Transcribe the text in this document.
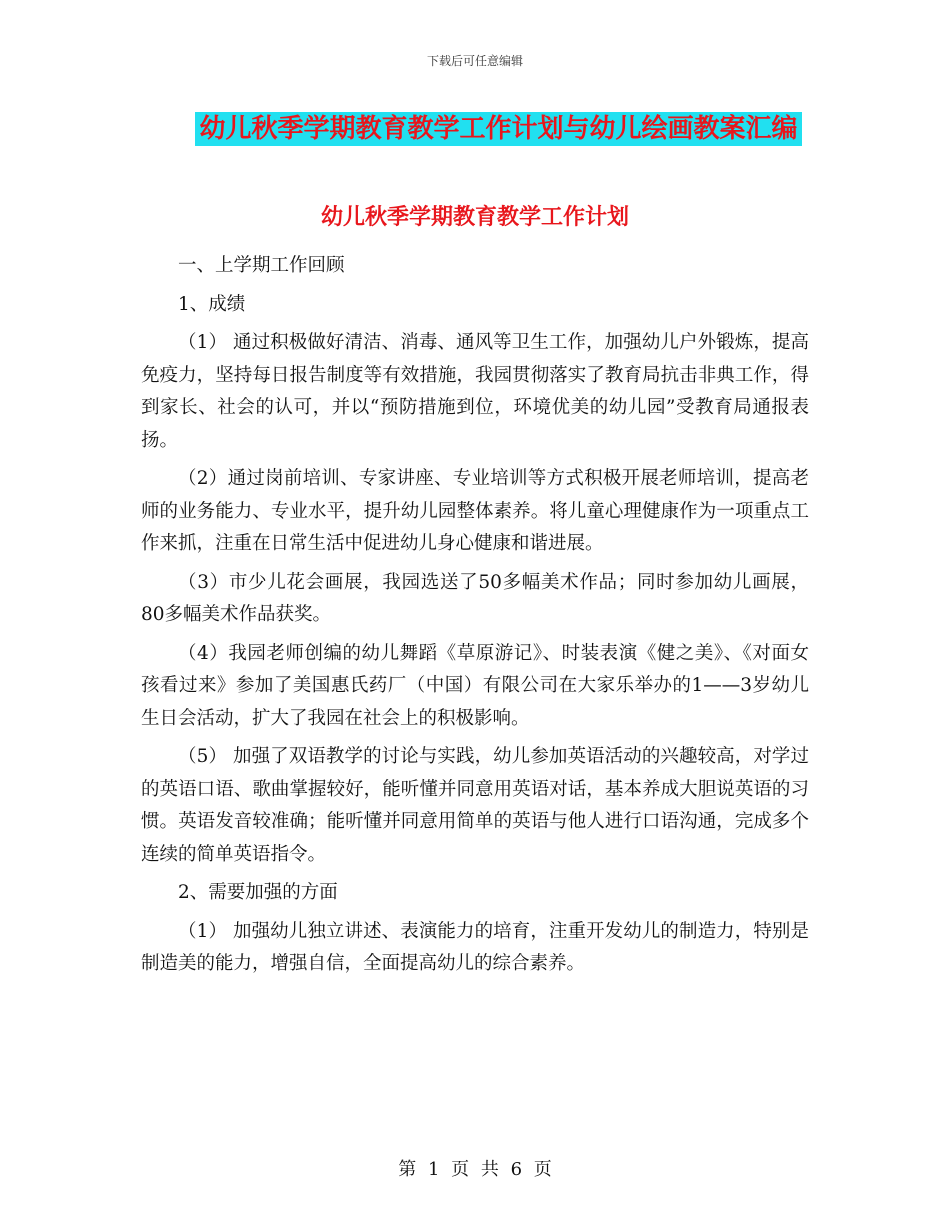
下载后可任意编辑
幼儿秋季学期教育教学工作计划与幼儿绘画教案汇编
幼儿秋季学期教育教学工作计划

一、上学期工作回顾

1、成绩

（1） 通过积极做好清洁、消毒、通风等卫生工作，加强幼儿户外锻炼，提高免疫力，坚持每日报告制度等有效措施，我园贯彻落实了教育局抗击非典工作，得到家长、社会的认可，并以“预防措施到位，环境优美的幼儿园”受教育局通报表扬。

（2）通过岗前培训、专家讲座、专业培训等方式积极开展老师培训，提高老师的业务能力、专业水平，提升幼儿园整体素养。将儿童心理健康作为一项重点工作来抓，注重在日常生活中促进幼儿身心健康和谐进展。

（3）市少儿花会画展，我园选送了50多幅美术作品；同时参加幼儿画展，80多幅美术作品获奖。

（4）我园老师创编的幼儿舞蹈《草原游记》、时装表演《健之美》、《对面女孩看过来》参加了美国惠氏药厂（中国）有限公司在大家乐举办的1——3岁幼儿生日会活动，扩大了我园在社会上的积极影响。

（5） 加强了双语教学的讨论与实践，幼儿参加英语活动的兴趣较高，对学过的英语口语、歌曲掌握较好，能听懂并同意用英语对话，基本养成大胆说英语的习惯。英语发音较准确；能听懂并同意用简单的英语与他人进行口语沟通，完成多个连续的简单英语指令。

2、需要加强的方面

（1） 加强幼儿独立讲述、表演能力的培育，注重开发幼儿的制造力，特别是制造美的能力，增强自信，全面提高幼儿的综合素养。

第 1 页 共 6 页
